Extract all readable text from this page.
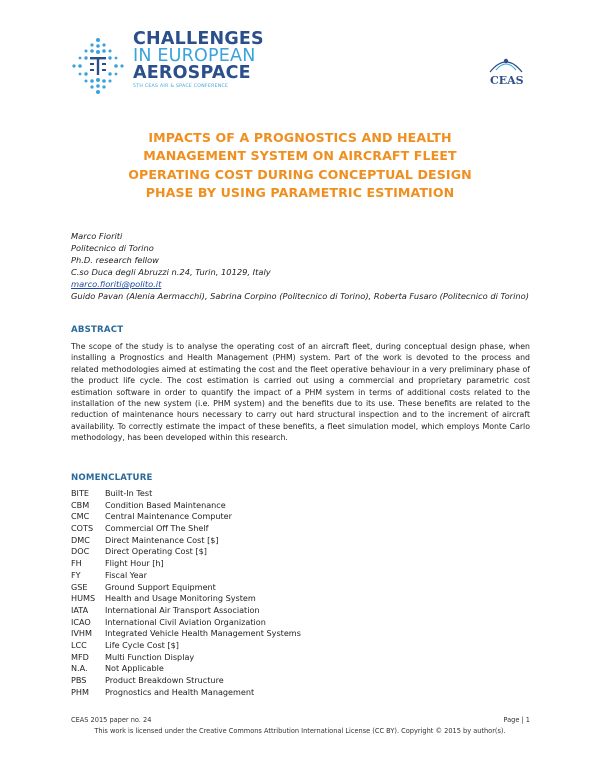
CHALLENGES
IN EUROPEAN
AEROSPACE
5TH CEAS AIR & SPACE CONFERENCE	CEAS
IMPACTS OF A PROGNOSTICS AND HEALTH
MANAGEMENT SYSTEM ON AIRCRAFT FLEET
OPERATING COST DURING CONCEPTUAL DESIGN
PHASE BY USING PARAMETRIC ESTIMATION
Marco Fioriti
Politecnico di Torino
Ph.D. research fellow
C.so Duca degli Abruzzi n.24, Turin, 10129, Italy
marco.fioriti@polito.it
Guido Pavan (Alenia Aermacchi), Sabrina Corpino (Politecnico di Torino), Roberta Fusaro (Politecnico di Torino)
ABSTRACT
The scope of the study is to analyse the operating cost of an aircraft fleet, during conceptual design phase, when installing a Prognostics and Health Management (PHM) system. Part of the work is devoted to the process and related methodologies aimed at estimating the cost and the fleet operative behaviour in a very preliminary phase of the product life cycle. The cost estimation is carried out using a commercial and proprietary parametric cost estimation software in order to quantify the impact of a PHM system in terms of additional costs related to the installation of the new system (i.e. PHM system) and the benefits due to its use. These benefits are related to the reduction of maintenance hours necessary to carry out hard structural inspection and to the increment of aircraft availability. To correctly estimate the impact of these benefits, a fleet simulation model, which employs Monte Carlo methodology, has been developed within this research.
NOMENCLATURE
BITE	Built-In Test
CBM	Condition Based Maintenance
CMC	Central Maintenance Computer
COTS	Commercial Off The Shelf
DMC	Direct Maintenance Cost [$]
DOC	Direct Operating Cost [$]
FH	Flight Hour [h]
FY	Fiscal Year
GSE	Ground Support Equipment
HUMS	Health and Usage Monitoring System
IATA	International Air Transport Association
ICAO	International Civil Aviation Organization
IVHM	Integrated Vehicle Health Management Systems
LCC	Life Cycle Cost [$]
MFD	Multi Function Display
N.A.	Not Applicable
PBS	Product Breakdown Structure
PHM	Prognostics and Health Management
CEAS 2015 paper no. 24	Page | 1
This work is licensed under the Creative Commons Attribution International License (CC BY). Copyright © 2015 by author(s).
